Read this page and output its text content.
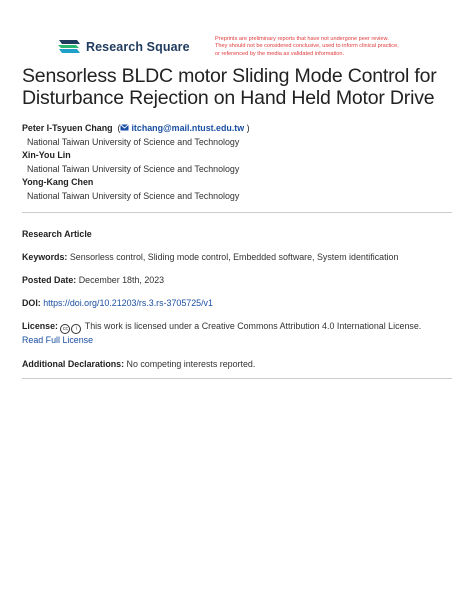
Research Square
Preprints are preliminary reports that have not undergone peer review.
They should not be considered conclusive, used to inform clinical practice,
or referenced by the media as validated information.
Sensorless BLDC motor Sliding Mode Control for Disturbance Rejection on Hand Held Motor Drive
Peter I-Tsyuen Chang  ( itchang@mail.ntust.edu.tw )
National Taiwan University of Science and Technology
Xin-You Lin
National Taiwan University of Science and Technology
Yong-Kang Chen
National Taiwan University of Science and Technology
Research Article
Keywords: Sensorless control, Sliding mode control, Embedded software, System identification
Posted Date: December 18th, 2023
DOI: https://doi.org/10.21203/rs.3.rs-3705725/v1
License: cc i This work is licensed under a Creative Commons Attribution 4.0 International License.
Read Full License
Additional Declarations: No competing interests reported.
